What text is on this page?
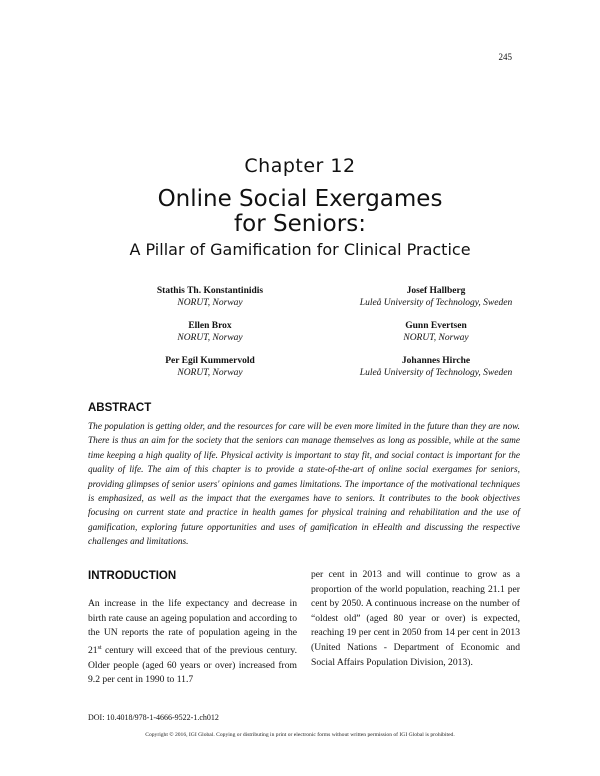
245
Chapter 12
Online Social Exergames
for Seniors:
A Pillar of Gamification for Clinical Practice
Stathis Th. Konstantinidis
NORUT, Norway
Josef Hallberg
Luleå University of Technology, Sweden
Ellen Brox
NORUT, Norway
Gunn Evertsen
NORUT, Norway
Per Egil Kummervold
NORUT, Norway
Johannes Hirche
Luleå University of Technology, Sweden
ABSTRACT
The population is getting older, and the resources for care will be even more limited in the future than they are now. There is thus an aim for the society that the seniors can manage themselves as long as possible, while at the same time keeping a high quality of life. Physical activity is important to stay fit, and social contact is important for the quality of life. The aim of this chapter is to provide a state-of-the-art of online social exergames for seniors, providing glimpses of senior users' opinions and games limitations. The importance of the motivational techniques is emphasized, as well as the impact that the exergames have to seniors. It contributes to the book objectives focusing on current state and practice in health games for physical training and rehabilitation and the use of gamification, exploring future opportunities and uses of gamification in eHealth and discussing the respective challenges and limitations.
INTRODUCTION
An increase in the life expectancy and decrease in birth rate cause an ageing population and according to the UN reports the rate of population ageing in the 21st century will exceed that of the previous century. Older people (aged 60 years or over) increased from 9.2 per cent in 1990 to 11.7
per cent in 2013 and will continue to grow as a proportion of the world population, reaching 21.1 per cent by 2050. A continuous increase on the number of “oldest old” (aged 80 year or over) is expected, reaching 19 per cent in 2050 from 14 per cent in 2013 (United Nations - Department of Economic and Social Affairs Population Division, 2013).
DOI: 10.4018/978-1-4666-9522-1.ch012
Copyright © 2016, IGI Global. Copying or distributing in print or electronic forms without written permission of IGI Global is prohibited.
